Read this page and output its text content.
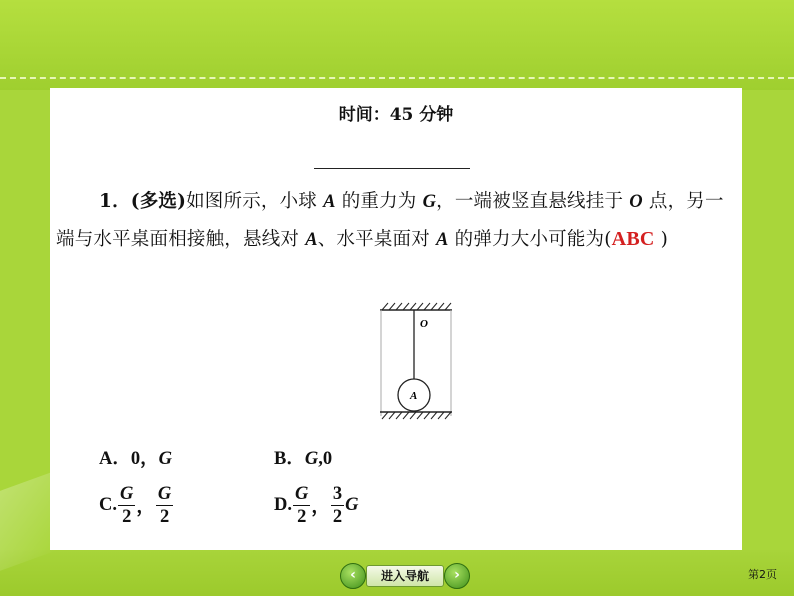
时间：45 分钟
1．(多选)如图所示，小球 A 的重力为 G，一端被竖直悬线挂于 O 点，另一端与水平桌面相接触，悬线对 A、水平桌面对 A 的弹力大小可能为(ABC )
O
A
A．0，G	B．G,0
C. $\frac{G}{2}$ ， $\frac{G}{2}$	D. $\frac{G}{2}$ ， $\frac{3}{2}$ G
‹	进入导航	›	第2页
